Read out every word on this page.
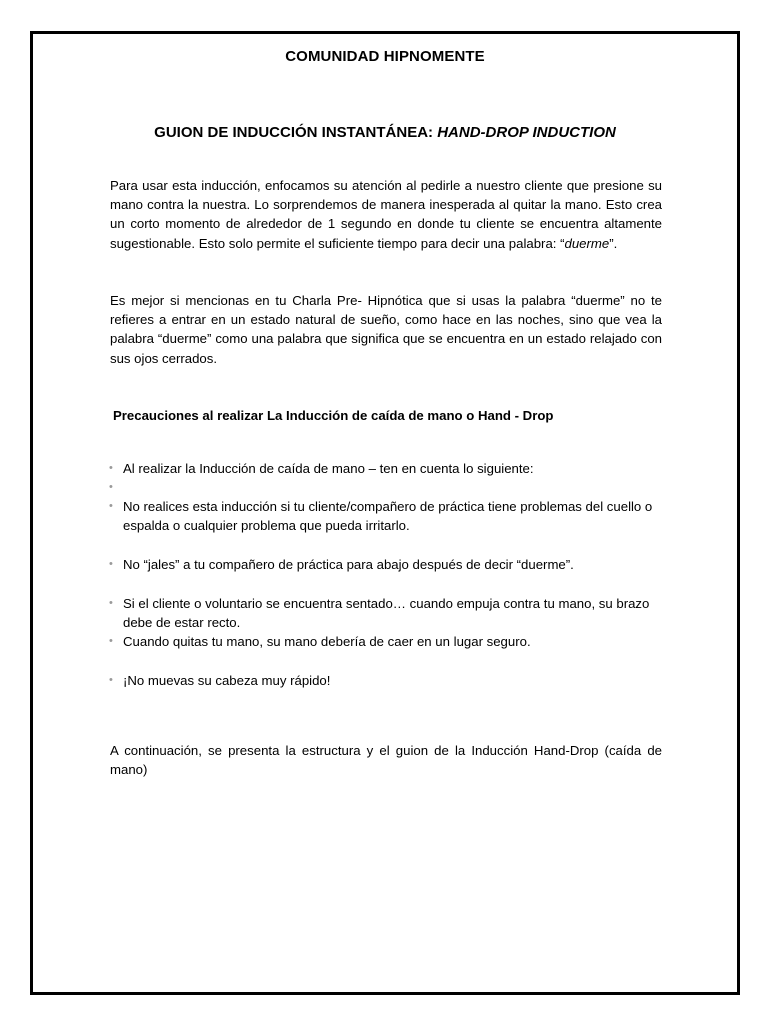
COMUNIDAD HIPNOMENTE
GUION DE INDUCCIÓN INSTANTÁNEA: HAND-DROP INDUCTION
Para usar esta inducción, enfocamos su atención al pedirle a nuestro cliente que presione su mano contra la nuestra. Lo sorprendemos de manera inesperada al quitar la mano. Esto crea un corto momento de alrededor de 1 segundo en donde tu cliente se encuentra altamente sugestionable. Esto solo permite el suficiente tiempo para decir una palabra: “duerme”.
Es mejor si mencionas en tu Charla Pre- Hipnótica que si usas la palabra “duerme” no te refieres a entrar en un estado natural de sueño, como hace en las noches, sino que vea la palabra “duerme” como una palabra que significa que se encuentra en un estado relajado con sus ojos cerrados.
Precauciones al realizar La Inducción de caída de mano o Hand - Drop
• Al realizar la Inducción de caída de mano – ten en cuenta lo siguiente:
•
• No realices esta inducción si tu cliente/compañero de práctica tiene problemas del cuello o espalda o cualquier problema que pueda irritarlo.
• No “jales” a tu compañero de práctica para abajo después de decir “duerme”.
• Si el cliente o voluntario se encuentra sentado… cuando empuja contra tu mano, su brazo debe de estar recto.
• Cuando quitas tu mano, su mano debería de caer en un lugar seguro.
• ¡No muevas su cabeza muy rápido!
A continuación, se presenta la estructura y el guion de la Inducción Hand-Drop (caída de mano)
